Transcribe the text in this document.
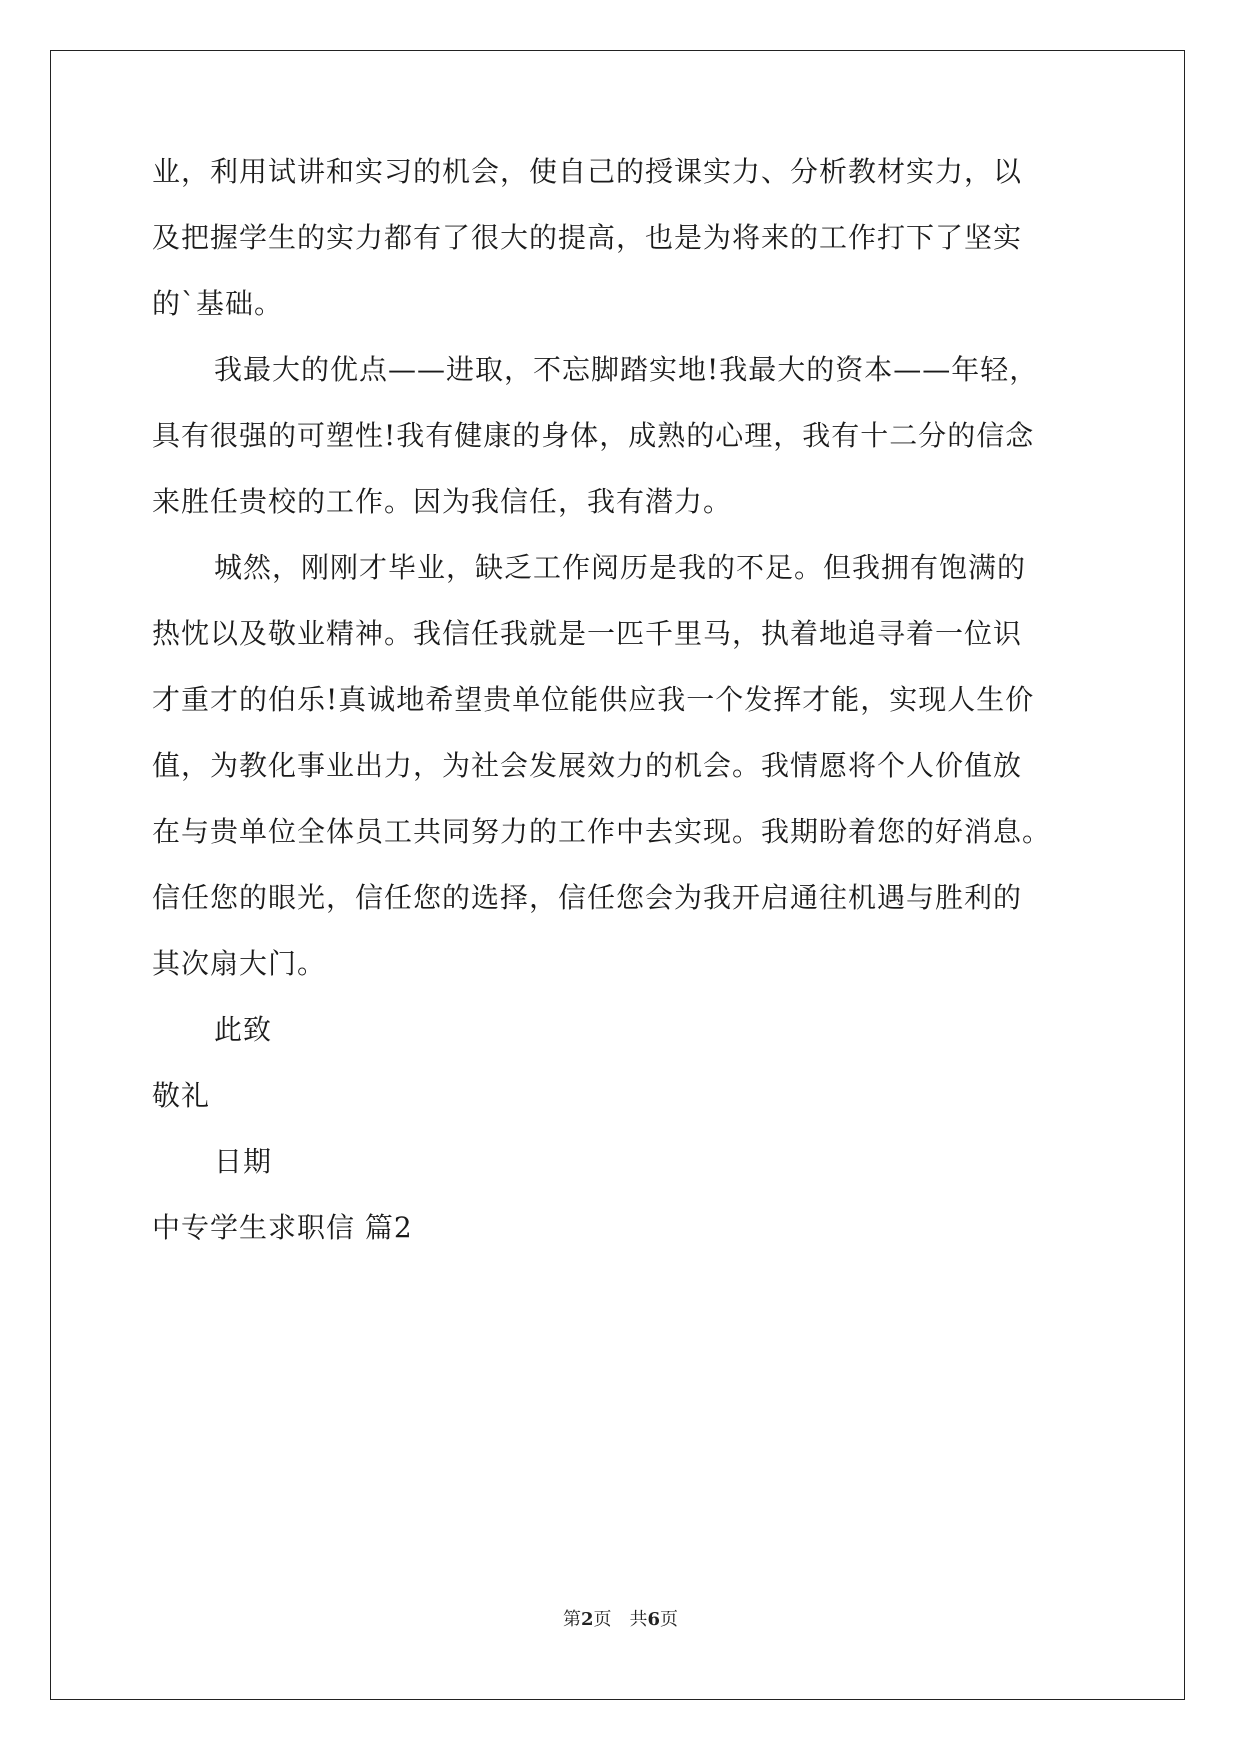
业，利用试讲和实习的机会，使自己的授课实力、分析教材实力，以
及把握学生的实力都有了很大的提高，也是为将来的工作打下了坚实
的`基础。
我最大的优点——进取，不忘脚踏实地!我最大的资本——年轻，
具有很强的可塑性!我有健康的身体，成熟的心理，我有十二分的信念
来胜任贵校的工作。因为我信任，我有潜力。
城然，刚刚才毕业，缺乏工作阅历是我的不足。但我拥有饱满的
热忱以及敬业精神。我信任我就是一匹千里马，执着地追寻着一位识
才重才的伯乐!真诚地希望贵单位能供应我一个发挥才能，实现人生价
值，为教化事业出力，为社会发展效力的机会。我情愿将个人价值放
在与贵单位全体员工共同努力的工作中去实现。我期盼着您的好消息。
信任您的眼光，信任您的选择，信任您会为我开启通往机遇与胜利的
其次扇大门。
此致
敬礼
日期
中专学生求职信 篇2
第2页 共6页
